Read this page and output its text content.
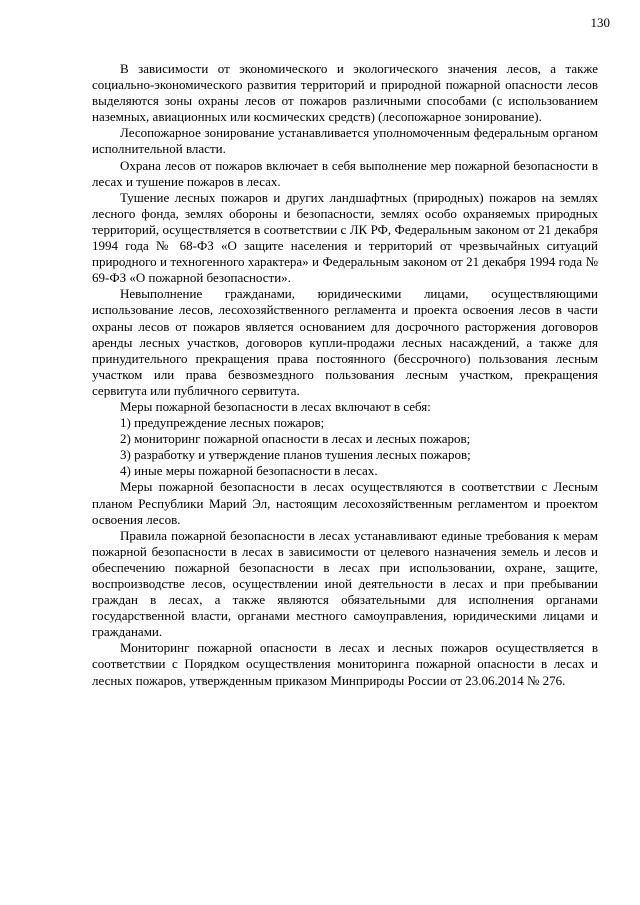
130

В зависимости от экономического и экологического значения лесов, а также социально-экономического развития территорий и природной пожарной опасности лесов выделяются зоны охраны лесов от пожаров различными способами (с использованием наземных, авиационных или космических средств) (лесопожарное зонирование).

Лесопожарное зонирование устанавливается уполномоченным федеральным органом исполнительной власти.

Охрана лесов от пожаров включает в себя выполнение мер пожарной безопасности в лесах и тушение пожаров в лесах.

Тушение лесных пожаров и других ландшафтных (природных) пожаров на землях лесного фонда, землях обороны и безопасности, землях особо охраняемых природных территорий, осуществляется в соответствии с ЛК РФ, Федеральным законом от 21 декабря 1994 года № 68-ФЗ «О защите населения и территорий от чрезвычайных ситуаций природного и техногенного характера» и Федеральным законом от 21 декабря 1994 года № 69-ФЗ «О пожарной безопасности».

Невыполнение гражданами, юридическими лицами, осуществляющими использование лесов, лесохозяйственного регламента и проекта освоения лесов в части охраны лесов от пожаров является основанием для досрочного расторжения договоров аренды лесных участков, договоров купли-продажи лесных насаждений, а также для принудительного прекращения права постоянного (бессрочного) пользования лесным участком или права безвозмездного пользования лесным участком, прекращения сервитута или публичного сервитута.

Меры пожарной безопасности в лесах включают в себя:

1) предупреждение лесных пожаров;

2) мониторинг пожарной опасности в лесах и лесных пожаров;

3) разработку и утверждение планов тушения лесных пожаров;

4) иные меры пожарной безопасности в лесах.

Меры пожарной безопасности в лесах осуществляются в соответствии с Лесным планом Республики Марий Эл, настоящим лесохозяйственным регламентом и проектом освоения лесов.

Правила пожарной безопасности в лесах устанавливают единые требования к мерам пожарной безопасности в лесах в зависимости от целевого назначения земель и лесов и обеспечению пожарной безопасности в лесах при использовании, охране, защите, воспроизводстве лесов, осуществлении иной деятельности в лесах и при пребывании граждан в лесах, а также являются обязательными для исполнения органами государственной власти, органами местного самоуправления, юридическими лицами и гражданами.

Мониторинг пожарной опасности в лесах и лесных пожаров осуществляется в соответствии с Порядком осуществления мониторинга пожарной опасности в лесах и лесных пожаров, утвержденным приказом Минприроды России от 23.06.2014 № 276.
